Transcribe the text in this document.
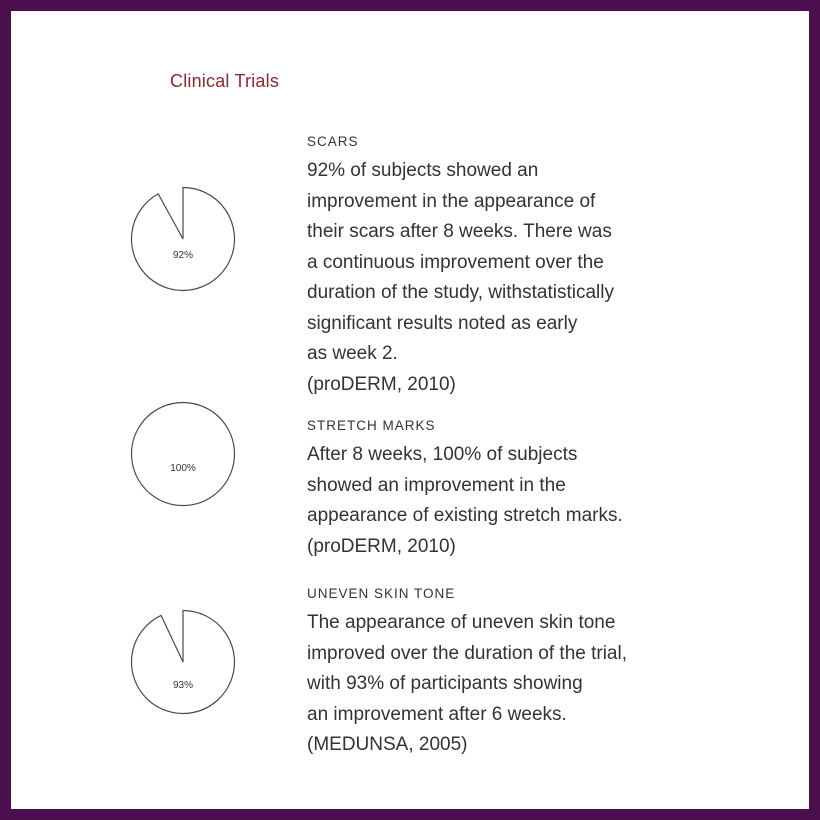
Clinical Trials
92%
SCARS

92% of subjects showed an
improvement in the appearance of
their scars after 8 weeks. There was
a continuous improvement over the
duration of the study, withstatistically
significant results noted as early
as week 2.
(proDERM, 2010)

100%
STRETCH MARKS

After 8 weeks, 100% of subjects
showed an improvement in the
appearance of existing stretch marks.
(proDERM, 2010)

93%
UNEVEN SKIN TONE

The appearance of uneven skin tone
improved over the duration of the trial,
with 93% of participants showing
an improvement after 6 weeks.
(MEDUNSA, 2005)
